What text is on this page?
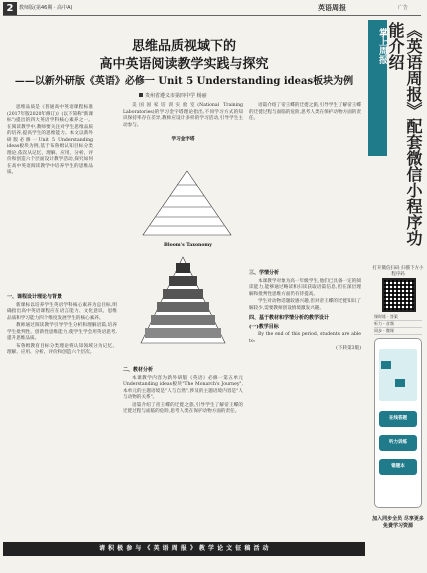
2	教师版(第46期 · 高中A)	英语周报	广告
思维品质视域下的
高中英语阅读教学实践与探究
——以新外研版《英语》必修一 Unit 5 Understanding ideas板块为例
贵州省遵义市第四中学 杨丽

思维品质是《普通高中英语课程标准(2017年版2020年修订)》(以下简称"新课标")提出的四大英语学科核心素养之一。在阅读教学中,教师要关注对学生思维品质的培养,提高学生的思维能力。本文以新外研版必修一Unit 5 Understanding ideas板块为例,基于布鲁姆认知目标分类理论,依次从记忆、理解、应用、分析、评价和创造六个层面设计教学活动,探究如何在高中英语阅读教学中培养学生的思维品质。

一、课程设计理论与背景

新课标以培养学生英语学科核心素养为总目标,明确指出高中英语课程应在语言能力、文化意识、思维品质和学习能力四个维度发展学生的核心素养。

教师通过阅读教学引导学生分析和理解语篇,培养学生批判性、创新性思维能力,使学生学会用英语思考,提升思维品质。

布鲁姆教育目标分类理论将认知领域分为记忆、理解、应用、分析、评价和创造六个层次。

美国国家培训实验室(National Training Laboratories)的学习金字塔理论指出,不同学习方式的知识保持率存在差异,教师应设计多样的学习活动,引导学生主动参与。

学习金字塔
Bloom's Taxonomy
二、教材分析

本课教学内容为新外研版《英语》必修一第五单元Understanding ideas板块"The Monarch's Journey",本单元的主题语境是"人与自然",涉及的主题语境内容是"人与动物的关系"。

语篇介绍了帝王蝶的迁徙之旅,引导学生了解帝王蝶的迁徙过程与面临的危险,思考人类在保护动物方面的责任。

语篇介绍了帝王蝶的迁徙之旅,引导学生了解帝王蝶的迁徙过程与面临的危险,思考人类在保护动物方面的责任。

三、学情分析

本课教学对象为高一年级学生,他们已具备一定的阅读能力,能够通过略读和扫读获取语篇信息,但在深层理解和批判性思维方面仍有待提高。

学生对动物话题较感兴趣,但对帝王蝶的迁徙知识了解较少,需要教师创设情境激发兴趣。

四、基于教材和学情分析的教学设计
(一)教学目标

By the end of this period, students are able to:

(下转第3版)

请 积 极 参 与 《 英 语 周 报 》 教 学 论 文 征 稿 活 动
掌上周报	《英语周报》配套微信小程序功能介绍
打开微信扫码 扫描下方小程序码
课时练 · 答案
听力 · 音频
同步 · 微课
在线答题
听力训练
错题本
加入同步全员 尽享更多免费学习资源
